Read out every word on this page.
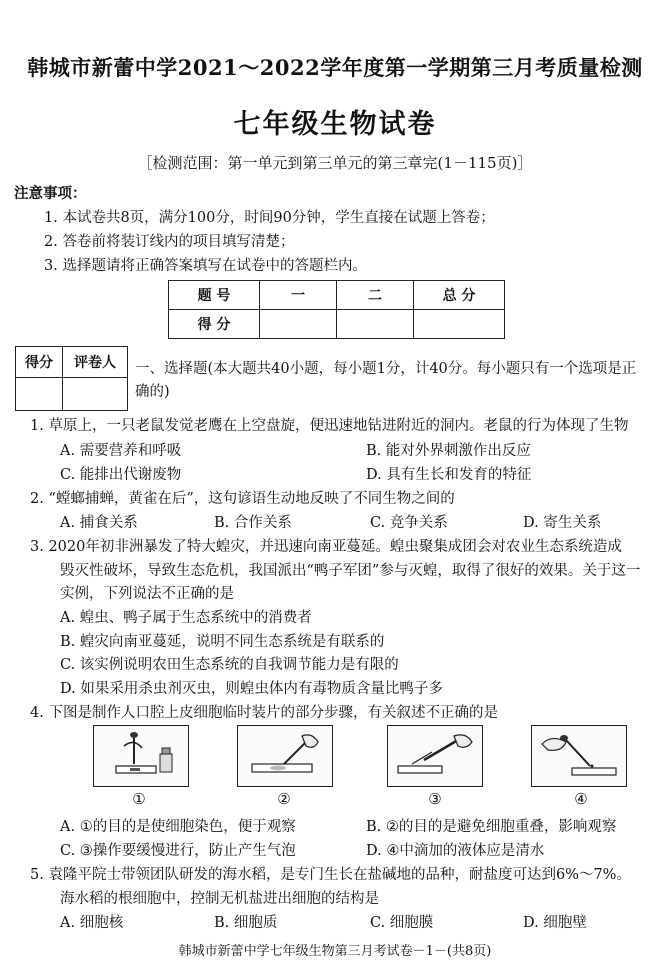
韩城市新蕾中学2021～2022学年度第一学期第三月考质量检测
七年级生物试卷
［检测范围：第一单元到第三单元的第三章完(1－115页)］
注意事项：
1. 本试卷共8页，满分100分，时间90分钟，学生直接在试题上答卷；
2. 答卷前将装订线内的项目填写清楚；
3. 选择题请将正确答案填写在试卷中的答题栏内。
题 号	一	二	总 分
得 分			
得分	评卷人
	一、选择题(本大题共40小题，每小题1分，计40分。每小题只有一个选项是正
确的)
1. 草原上，一只老鼠发觉老鹰在上空盘旋，便迅速地钻进附近的洞内。老鼠的行为体现了生物
A. 需要营养和呼吸	B. 能对外界刺激作出反应
C. 能排出代谢废物	D. 具有生长和发育的特征
2. “螳螂捕蝉，黄雀在后”，这句谚语生动地反映了不同生物之间的
A. 捕食关系	B. 合作关系	C. 竞争关系	D. 寄生关系
3. 2020年初非洲暴发了特大蝗灾，并迅速向南亚蔓延。蝗虫聚集成团会对农业生态系统造成
毁灭性破坏，导致生态危机，我国派出“鸭子军团”参与灭蝗，取得了很好的效果。关于这一
实例，下列说法不正确的是
A. 蝗虫、鸭子属于生态系统中的消费者
B. 蝗灾向南亚蔓延，说明不同生态系统是有联系的
C. 该实例说明农田生态系统的自我调节能力是有限的
D. 如果采用杀虫剂灭虫，则蝗虫体内有毒物质含量比鸭子多
4. 下图是制作人口腔上皮细胞临时装片的部分步骤，有关叙述不正确的是
①	②	③	④
A. ①的目的是使细胞染色，便于观察	B. ②的目的是避免细胞重叠，影响观察
C. ③操作要缓慢进行，防止产生气泡	D. ④中滴加的液体应是清水
5. 袁隆平院士带领团队研发的海水稻，是专门生长在盐碱地的品种，耐盐度可达到6%～7%。
海水稻的根细胞中，控制无机盐进出细胞的结构是
A. 细胞核	B. 细胞质	C. 细胞膜	D. 细胞壁
韩城市新蕾中学七年级生物第三月考试卷－1－(共8页)
